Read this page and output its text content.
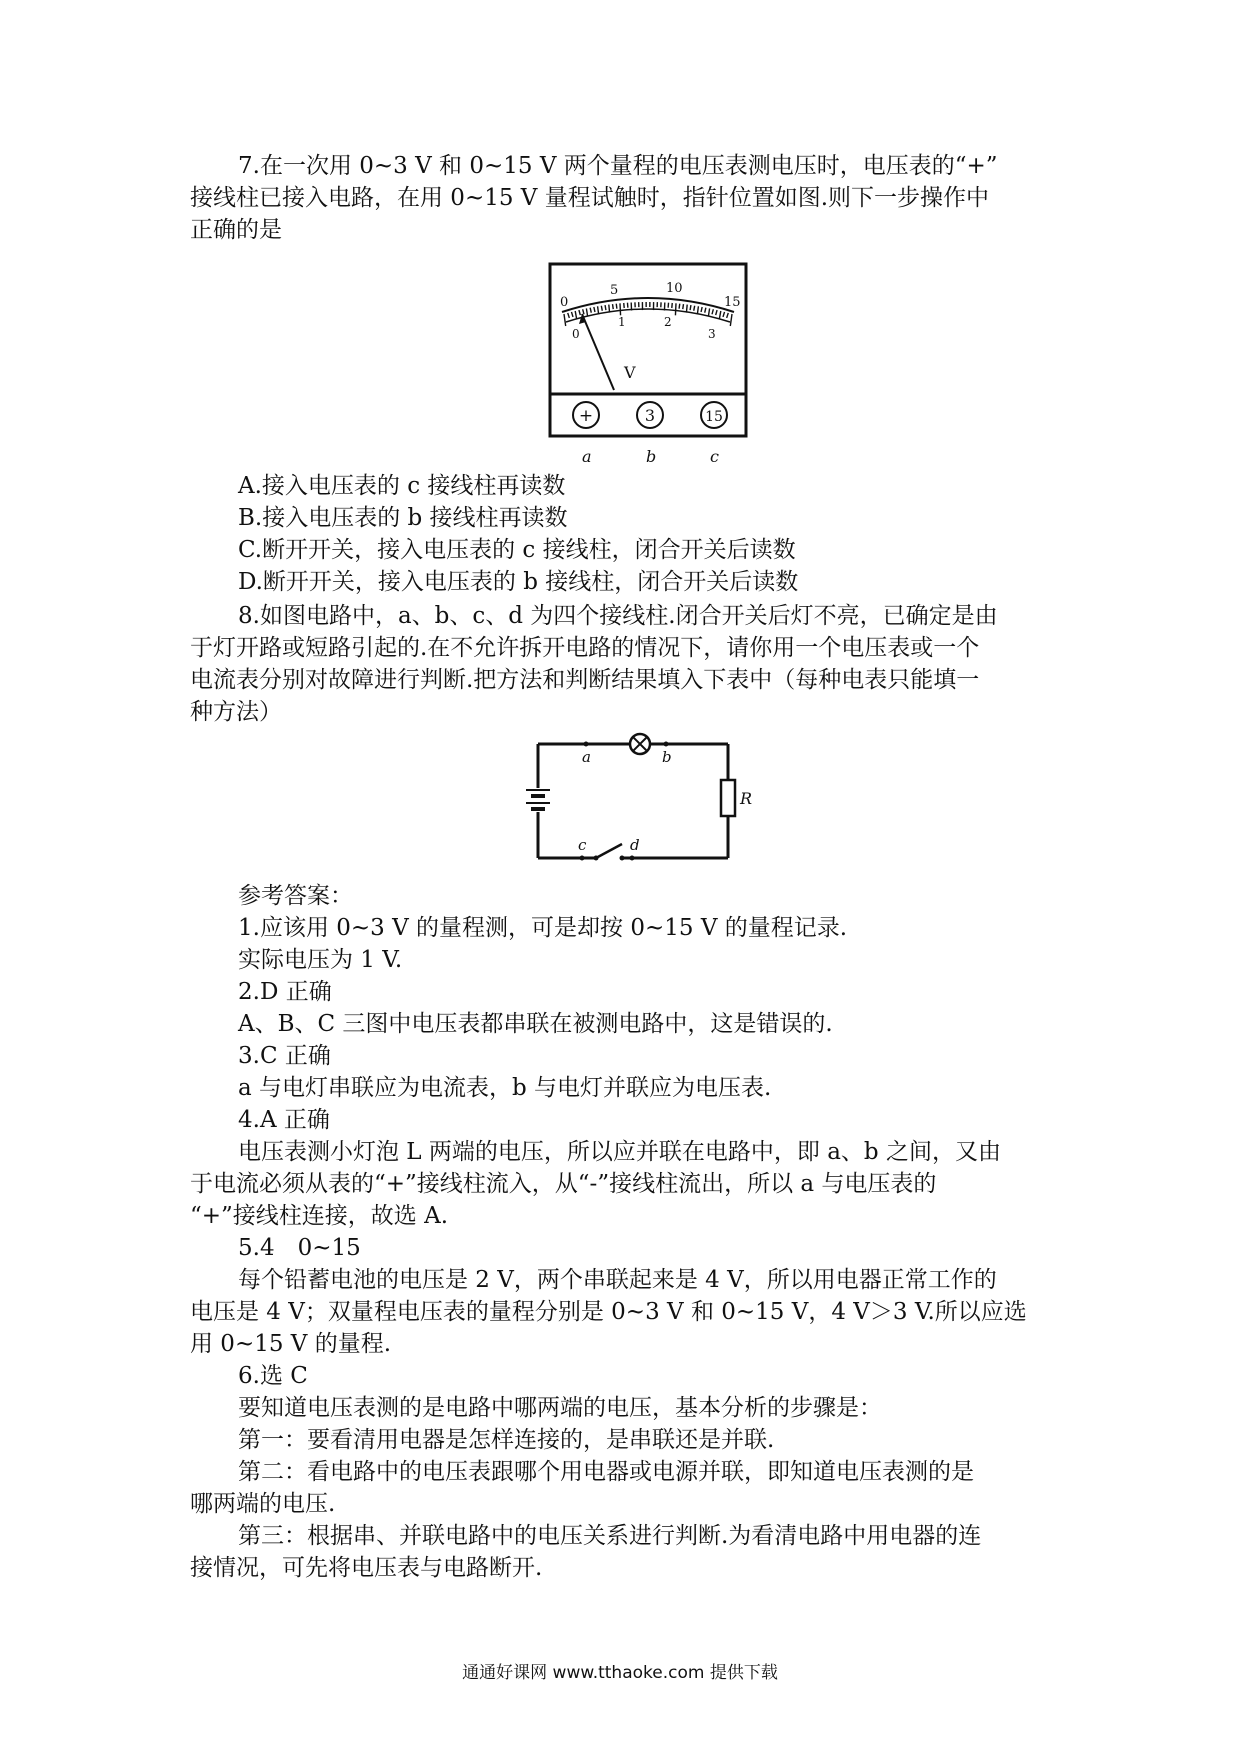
7.在一次用 0~3 V 和 0~15 V 两个量程的电压表测电压时，电压表的“+”
接线柱已接入电路，在用 0~15 V 量程试触时，指针位置如图.则下一步操作中
正确的是
0
5	10
15
0
1	2
3
V
+	3	15
a	b	c
A.接入电压表的 c 接线柱再读数
B.接入电压表的 b 接线柱再读数
C.断开开关，接入电压表的 c 接线柱，闭合开关后读数
D.断开开关，接入电压表的 b 接线柱，闭合开关后读数
8.如图电路中，a、b、c、d 为四个接线柱.闭合开关后灯不亮，已确定是由
于灯开路或短路引起的.在不允许拆开电路的情况下，请你用一个电压表或一个
电流表分别对故障进行判断.把方法和判断结果填入下表中（每种电表只能填一
种方法）
R
a	b
c	d
参考答案：
1.应该用 0~3 V 的量程测，可是却按 0~15 V 的量程记录.
实际电压为 1 V.
2.D 正确
A、B、C 三图中电压表都串联在被测电路中，这是错误的.
3.C 正确
a 与电灯串联应为电流表，b 与电灯并联应为电压表.
4.A 正确
电压表测小灯泡 L 两端的电压，所以应并联在电路中，即 a、b 之间，又由
于电流必须从表的“+”接线柱流入，从“-”接线柱流出，所以 a 与电压表的
“+”接线柱连接，故选 A.
5.4　0~15
每个铅蓄电池的电压是 2 V，两个串联起来是 4 V，所以用电器正常工作的
电压是 4 V；双量程电压表的量程分别是 0~3 V 和 0~15 V，4 V＞3 V.所以应选
用 0~15 V 的量程.
6.选 C
要知道电压表测的是电路中哪两端的电压，基本分析的步骤是：
第一：要看清用电器是怎样连接的，是串联还是并联.
第二：看电路中的电压表跟哪个用电器或电源并联，即知道电压表测的是
哪两端的电压.
第三：根据串、并联电路中的电压关系进行判断.为看清电路中用电器的连
接情况，可先将电压表与电路断开.
通通好课网 www.tthaoke.com 提供下载
